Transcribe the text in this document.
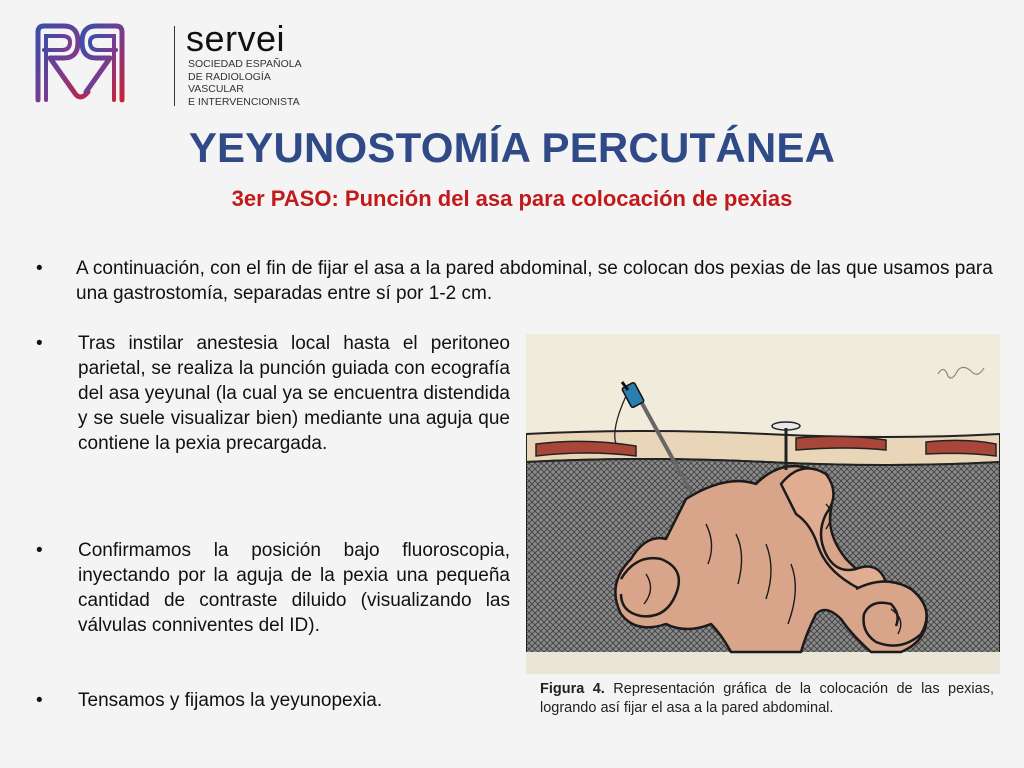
servei
SOCIEDAD ESPAÑOLA
DE RADIOLOGÍA
VASCULAR
E INTERVENCIONISTA
YEYUNOSTOMÍA PERCUTÁNEA
3er PASO: Punción del asa para colocación de pexias
• A continuación, con el fin de fijar el asa a la pared abdominal, se colocan dos pexias de las que usamos para una gastrostomía, separadas entre sí por 1-2 cm.
• Tras instilar anestesia local hasta el peritoneo parietal, se realiza la punción guiada con ecografía del asa yeyunal (la cual ya se encuentra distendida y se suele visualizar bien) mediante una aguja que contiene la pexia precargada.
• Confirmamos la posición bajo fluoroscopia, inyectando por la aguja de la pexia una pequeña cantidad de contraste diluido (visualizando las válvulas conniventes del ID).
• Tensamos y fijamos la yeyunopexia.
Figura 4. Representación gráfica de la colocación de las pexias, logrando así fijar el asa a la pared abdominal.
